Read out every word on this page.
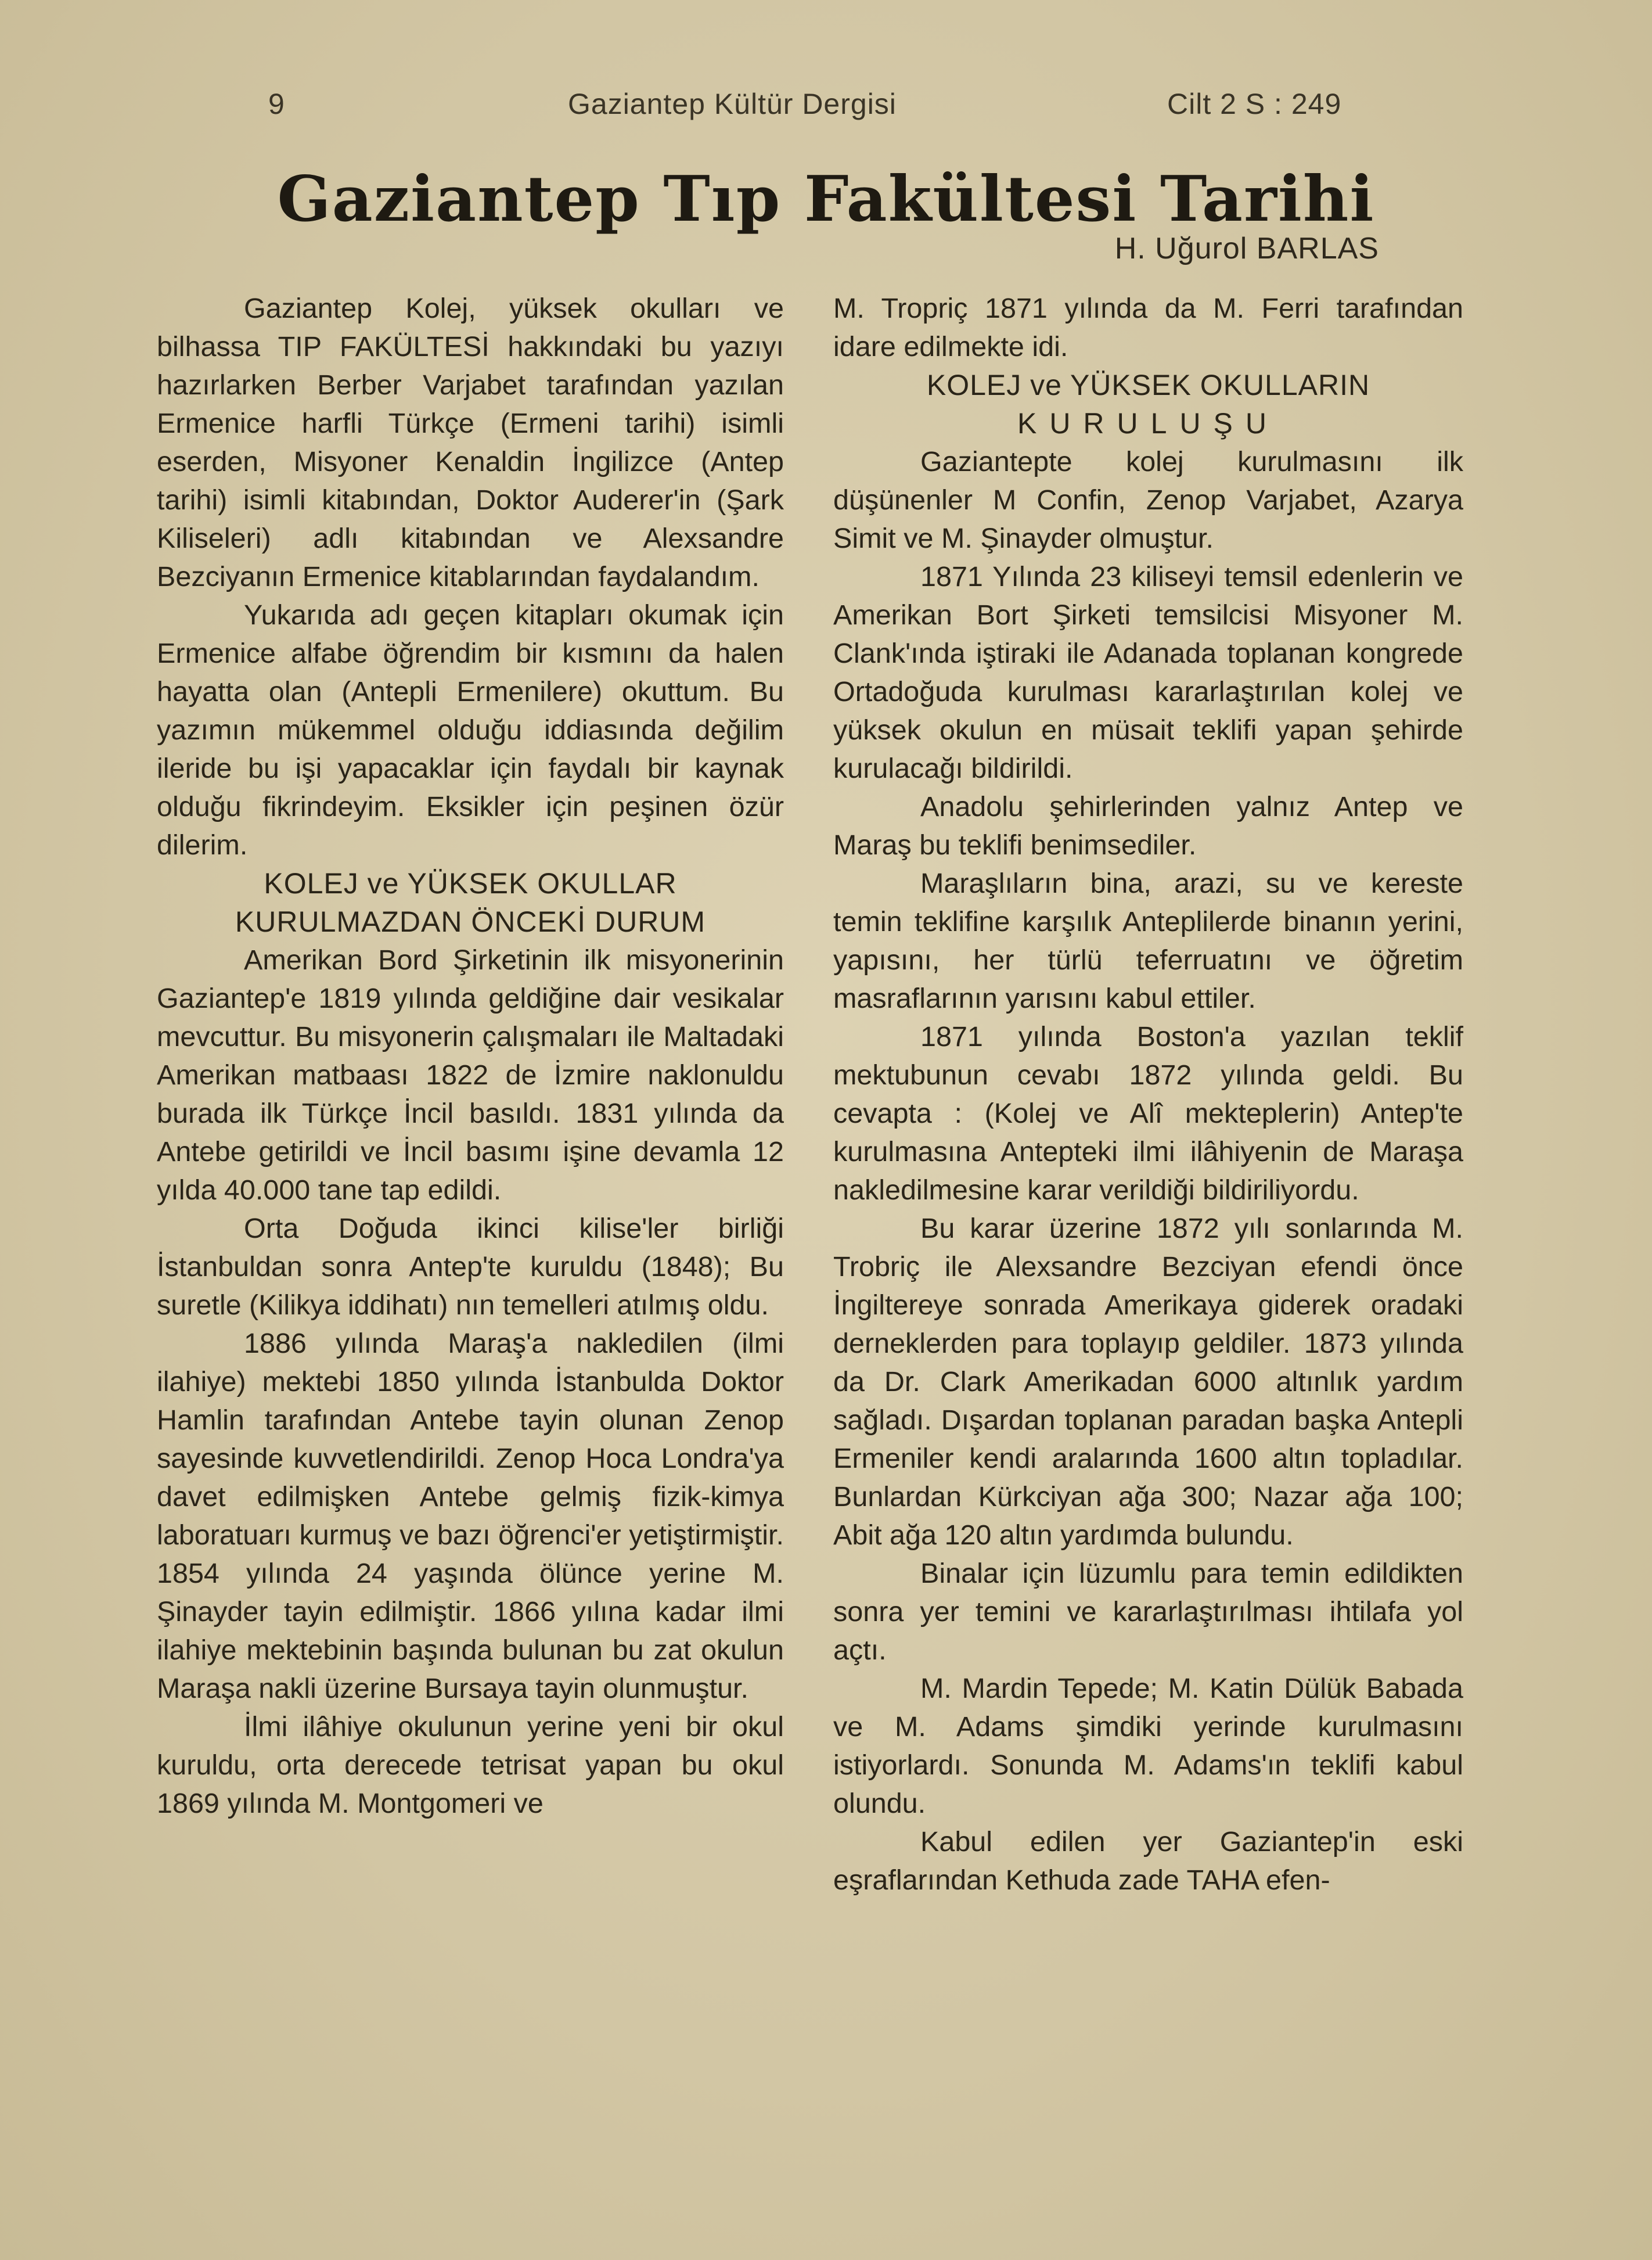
9	Gaziantep Kültür Dergisi	Cilt 2 S : 249
Gaziantep Tıp Fakültesi Tarihi
H. Uğurol BARLAS

Gaziantep Kolej, yüksek okulları ve bilhassa TIP FAKÜLTESİ hakkındaki bu yazıyı hazırlarken Berber Varjabet tarafından yazılan Ermenice harfli Türkçe (Ermeni tarihi) isimli eserden, Misyoner Kenaldin İngilizce (Antep tarihi) isimli kitabından, Doktor Auderer'in (Şark Kiliseleri) adlı kitabından ve Alexsandre Bezciyanın Ermenice kitablarından faydalandım.

Yukarıda adı geçen kitapları okumak için Ermenice alfabe öğrendim bir kısmını da halen hayatta olan (Antepli Ermenilere) okuttum. Bu yazımın mükemmel olduğu iddiasında değilim ileride bu işi yapacaklar için faydalı bir kaynak olduğu fikrindeyim. Eksikler için peşinen özür dilerim.

KOLEJ ve YÜKSEK OKULLAR
KURULMAZDAN ÖNCEKİ DURUM

Amerikan Bord Şirketinin ilk misyonerinin Gaziantep'e 1819 yılında geldiğine dair vesikalar mevcuttur. Bu misyonerin çalışmaları ile Maltadaki Amerikan matbaası 1822 de İzmire naklonuldu burada ilk Türkçe İncil basıldı. 1831 yılında da Antebe getirildi ve İncil basımı işine devamla 12 yılda 40.000 tane tap edildi.

Orta Doğuda ikinci kilise'ler birliği İstanbuldan sonra Antep'te kuruldu (1848); Bu suretle (Kilikya iddihatı) nın temelleri atılmış oldu.

1886 yılında Maraş'a nakledilen (ilmi ilahiye) mektebi 1850 yılında İstanbulda Doktor Hamlin tarafından Antebe tayin olunan Zenop sayesinde kuvvetlendirildi. Zenop Hoca Londra'ya davet edilmişken Antebe gelmiş fizik-kimya laboratuarı kurmuş ve bazı öğrenci'er yetiştirmiştir. 1854 yılında 24 yaşında ölünce yerine M. Şinayder tayin edilmiştir. 1866 yılına kadar ilmi ilahiye mektebinin başında bulunan bu zat okulun Maraşa nakli üzerine Bursaya tayin olunmuştur.

İlmi ilâhiye okulunun yerine yeni bir okul kuruldu, orta derecede tetrisat yapan bu okul 1869 yılında M. Montgomeri ve

M. Tropriç 1871 yılında da M. Ferri tarafından idare edilmekte idi.

KOLEJ ve YÜKSEK OKULLARIN
KURULUŞU

Gaziantepte kolej kurulmasını ilk düşünenler M Confin, Zenop Varjabet, Azarya Simit ve M. Şinayder olmuştur.

1871 Yılında 23 kiliseyi temsil edenlerin ve Amerikan Bort Şirketi temsilcisi Misyoner M. Clank'ında iştiraki ile Adanada toplanan kongrede Ortadoğuda kurulması kararlaştırılan kolej ve yüksek okulun en müsait teklifi yapan şehirde kurulacağı bildirildi.

Anadolu şehirlerinden yalnız Antep ve Maraş bu teklifi benimsediler.

Maraşlıların bina, arazi, su ve kereste temin teklifine karşılık Anteplilerde binanın yerini, yapısını, her türlü teferruatını ve öğretim masraflarının yarısını kabul ettiler.

1871 yılında Boston'a yazılan teklif mektubunun cevabı 1872 yılında geldi. Bu cevapta : (Kolej ve Alî mekteplerin) Antep'te kurulmasına Antepteki ilmi ilâhiyenin de Maraşa nakledilmesine karar verildiği bildiriliyordu.

Bu karar üzerine 1872 yılı sonlarında M. Trobriç ile Alexsandre Bezciyan efendi önce İngiltereye sonrada Amerikaya giderek oradaki derneklerden para toplayıp geldiler. 1873 yılında da Dr. Clark Amerikadan 6000 altınlık yardım sağladı. Dışardan toplanan paradan başka Antepli Ermeniler kendi aralarında 1600 altın topladılar. Bunlardan Kürkciyan ağa 300; Nazar ağa 100; Abit ağa 120 altın yardımda bulundu.

Binalar için lüzumlu para temin edildikten sonra yer temini ve kararlaştırılması ihtilafa yol açtı.

M. Mardin Tepede; M. Katin Dülük Babada ve M. Adams şimdiki yerinde kurulmasını istiyorlardı. Sonunda M. Adams'ın teklifi kabul olundu.

Kabul edilen yer Gaziantep'in eski eşraflarından Kethuda zade TAHA efen-
